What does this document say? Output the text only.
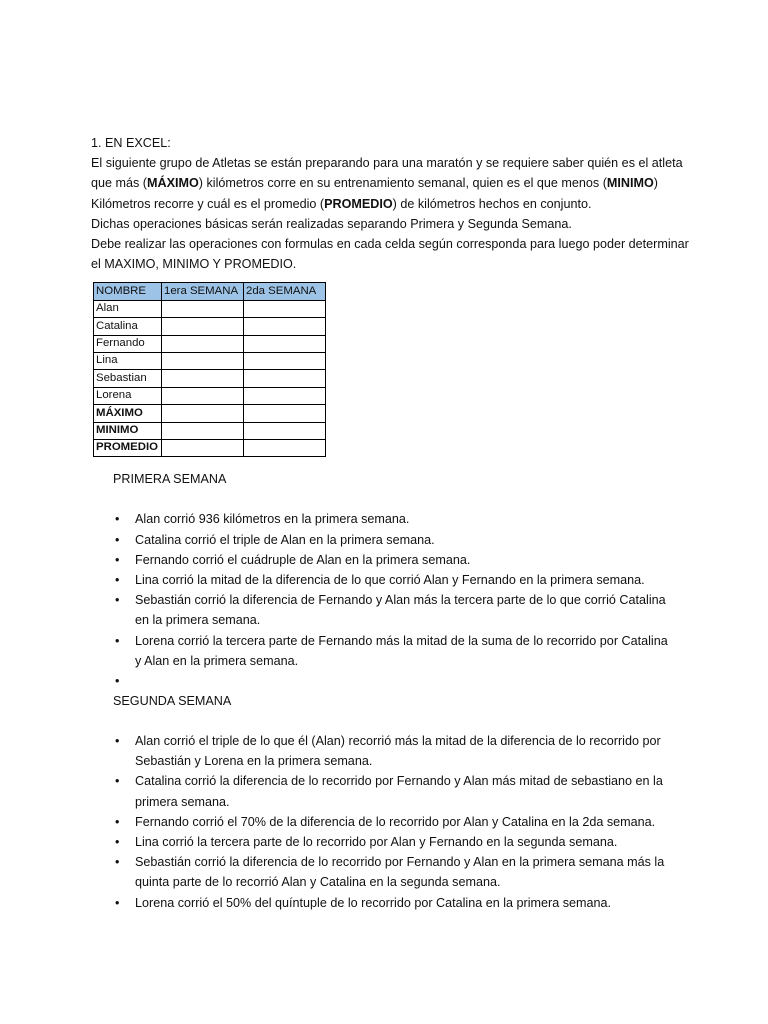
1. EN EXCEL:

El siguiente grupo de Atletas se están preparando para una maratón y se requiere saber quién es el atleta que más (MÁXIMO) kilómetros corre en su entrenamiento semanal, quien es el que menos (MINIMO) Kilómetros recorre y cuál es el promedio (PROMEDIO) de kilómetros hechos en conjunto.

Dichas operaciones básicas serán realizadas separando Primera y Segunda Semana.

Debe realizar las operaciones con formulas en cada celda según corresponda para luego poder determinar el MAXIMO, MINIMO Y PROMEDIO.

NOMBRE	1era SEMANA	2da SEMANA
Alan		
Catalina		
Fernando		
Lina		
Sebastian		
Lorena		
MÁXIMO		
MINIMO		
PROMEDIO		
PRIMERA SEMANA
• Alan corrió 936 kilómetros en la primera semana.
• Catalina corrió el triple de Alan en la primera semana.
• Fernando corrió el cuádruple de Alan en la primera semana.
• Lina corrió la mitad de la diferencia de lo que corrió Alan y Fernando en la primera semana.
• Sebastián corrió la diferencia de Fernando y Alan más la tercera parte de lo que corrió Catalina en la primera semana.
• Lorena corrió la tercera parte de Fernando más la mitad de la suma de lo recorrido por Catalina y Alan en la primera semana.
•
SEGUNDA SEMANA
• Alan corrió el triple de lo que él (Alan) recorrió más la mitad de la diferencia de lo recorrido por Sebastián y Lorena en la primera semana.
• Catalina corrió la diferencia de lo recorrido por Fernando y Alan más mitad de sebastiano en la primera semana.
• Fernando corrió el 70% de la diferencia de lo recorrido por Alan y Catalina en la 2da semana.
• Lina corrió la tercera parte de lo recorrido por Alan y Fernando en la segunda semana.
• Sebastián corrió la diferencia de lo recorrido por Fernando y Alan en la primera semana más la quinta parte de lo recorrió Alan y Catalina en la segunda semana.
• Lorena corrió el 50% del quíntuple de lo recorrido por Catalina en la primera semana.
